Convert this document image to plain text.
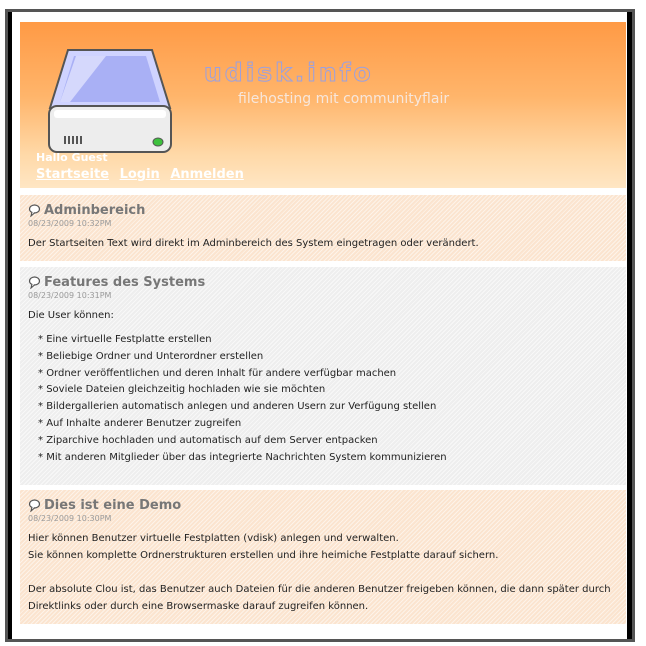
udisk.info
filehosting mit communityflair
Hallo Guest
Startseite Login Anmelden
Adminbereich
08/23/2009 10:32PM

Der Startseiten Text wird direkt im Adminbereich des System eingetragen oder verändert.

Features des Systems
08/23/2009 10:31PM

Die User können:

* Eine virtuelle Festplatte erstellen
* Beliebige Ordner und Unterordner erstellen
* Ordner veröffentlichen und deren Inhalt für andere verfügbar machen
* Soviele Dateien gleichzeitig hochladen wie sie möchten
* Bildergallerien automatisch anlegen und anderen Usern zur Verfügung stellen
* Auf Inhalte anderer Benutzer zugreifen
* Ziparchive hochladen und automatisch auf dem Server entpacken
* Mit anderen Mitglieder über das integrierte Nachrichten System kommunizieren
Dies ist eine Demo
08/23/2009 10:30PM

Hier können Benutzer virtuelle Festplatten (vdisk) anlegen und verwalten.

Sie können komplette Ordnerstrukturen erstellen und ihre heimiche Festplatte darauf sichern.

Der absolute Clou ist, das Benutzer auch Dateien für die anderen Benutzer freigeben können, die dann später durch

Direktlinks oder durch eine Browsermaske darauf zugreifen können.
